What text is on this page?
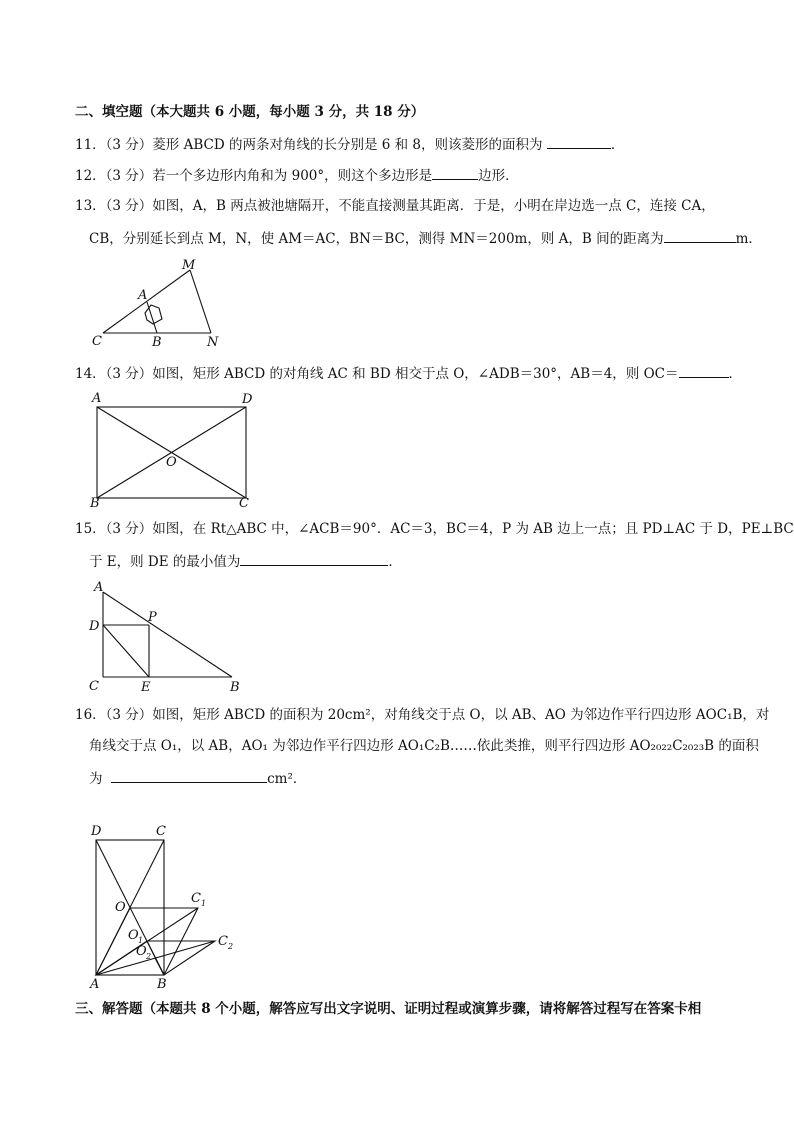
二、填空题（本大题共 6 小题，每小题 3 分，共 18 分）
11．（3 分）菱形 ABCD 的两条对角线的长分别是 6 和 8，则该菱形的面积为	．
12．（3 分）若一个多边形内角和为 900°，则这个多边形是	边形．
13．（3 分）如图，A，B 两点被池塘隔开，不能直接测量其距离．于是，小明在岸边选一点 C，连接 CA，
CB，分别延长到点 M，N，使 AM＝AC，BN＝BC，测得 MN＝200m，则 A，B 间的距离为	m．
M
A
C	B	N
14．（3 分）如图，矩形 ABCD 的对角线 AC 和 BD 相交于点 O，∠ADB＝30°，AB＝4，则 OC＝	．
A	D
B	C
O
15．（3 分）如图，在 Rt△ABC 中，∠ACB＝90°．AC＝3，BC＝4，P 为 AB 边上一点；且 PD⊥AC 于 D，PE⊥BC
于 E，则 DE 的最小值为	．
A
P
D
C	E	B
16．（3 分）如图，矩形 ABCD 的面积为 20cm²，对角线交于点 O，以 AB、AO 为邻边作平行四边形 AOC₁B，对
角线交于点 O₁，以 AB，AO₁ 为邻边作平行四边形 AO₁C₂B……依此类推，则平行四边形 AO₂₀₂₂C₂₀₂₃B 的面积
为	cm²．
D	C
O
C 1
O 1	C 2
O 2
A	B
三、解答题（本题共 8 个小题，解答应写出文字说明、证明过程或演算步骤，请将解答过程写在答案卡相
